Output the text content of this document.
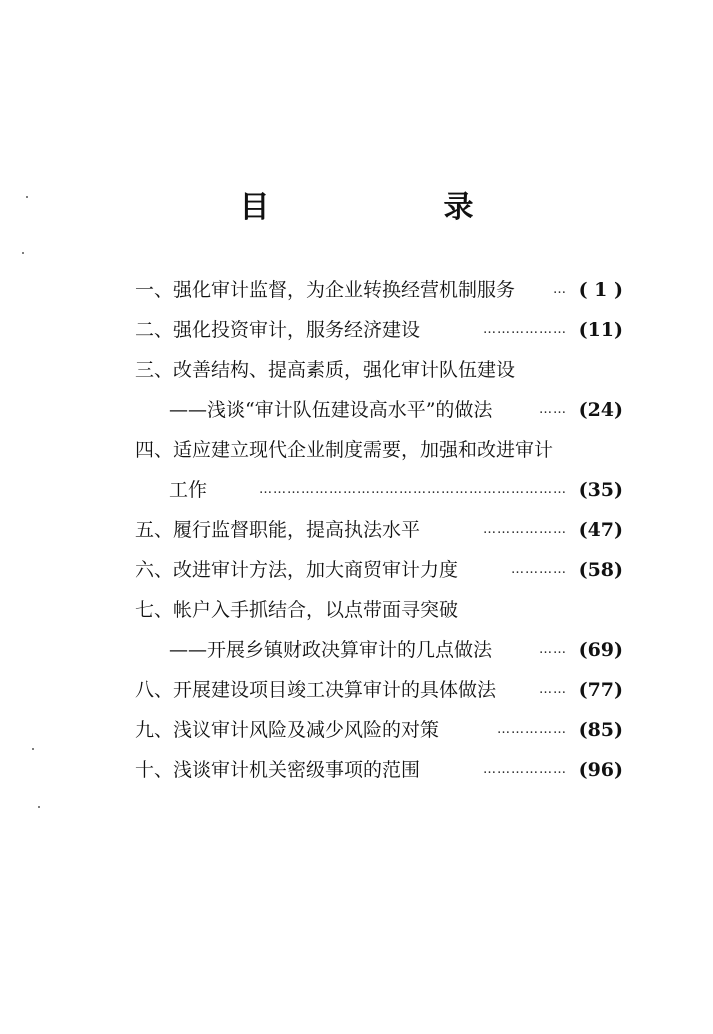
目　录
一、强化审计监督，为企业转换经营机制服务	… ( 1 )
二、强化投资审计，服务经济建设	……………… (11)
三、改善结构、提高素质，强化审计队伍建设
——浅谈“审计队伍建设高水平”的做法	…… (24)
四、适应建立现代企业制度需要，加强和改进审计
工作	………………………………………………………… (35)
五、履行监督职能，提高执法水平	……………… (47)
六、改进审计方法，加大商贸审计力度	………… (58)
七、帐户入手抓结合，以点带面寻突破
——开展乡镇财政决算审计的几点做法	…… (69)
八、开展建设项目竣工决算审计的具体做法	…… (77)
九、浅议审计风险及减少风险的对策	…………… (85)
十、浅谈审计机关密级事项的范围	……………… (96)
